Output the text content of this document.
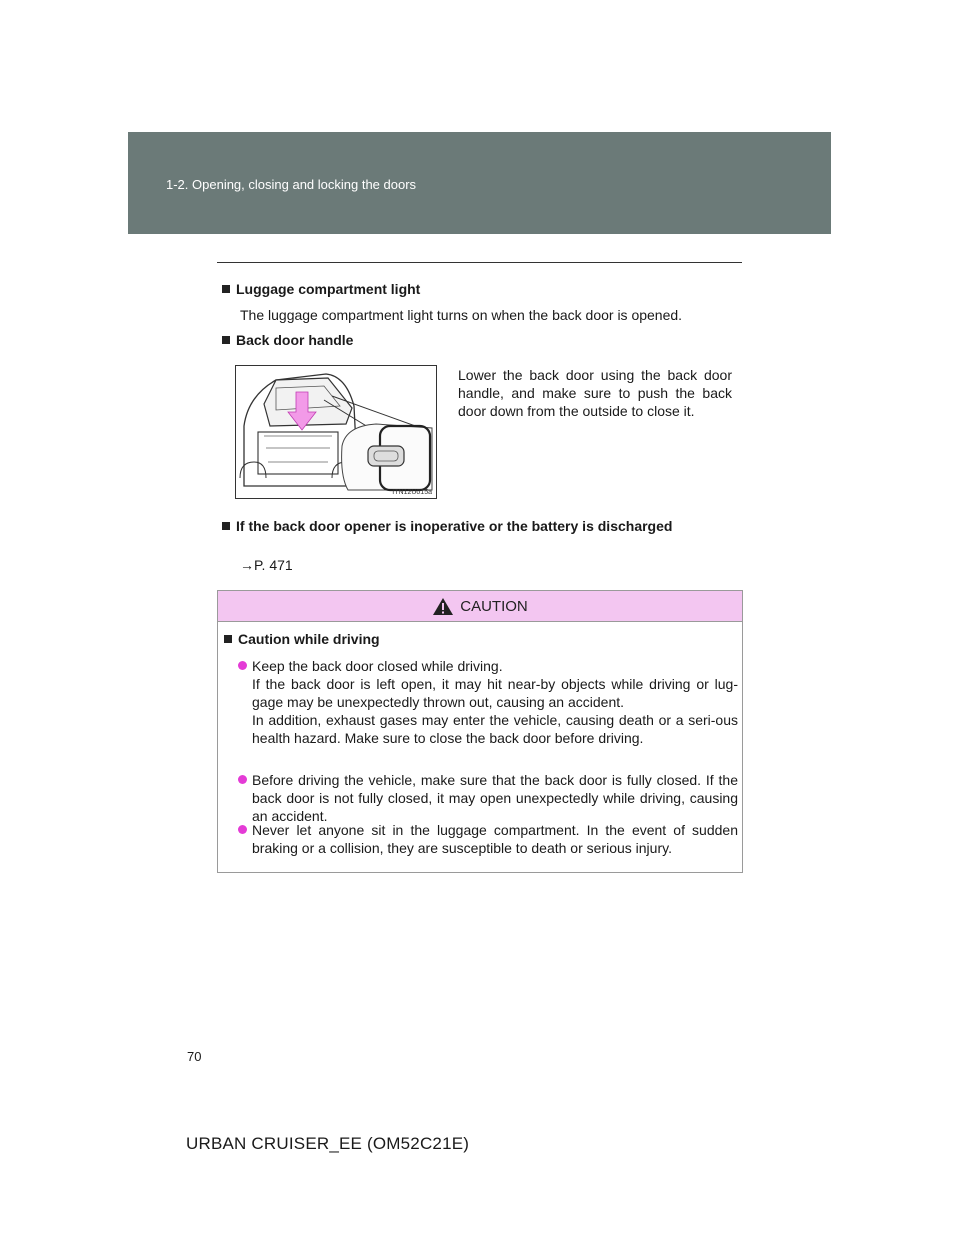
1-2. Opening, closing and locking the doors
Luggage compartment light
The luggage compartment light turns on when the back door is opened.
Back door handle
ITN12U015a
Lower the back door using the back door handle, and make sure to push the back door down from the outside to close it.
If the back door opener is inoperative or the battery is discharged
→P. 471
CAUTION
Caution while driving
Keep the back door closed while driving.
If the back door is left open, it may hit near-by objects while driving or lug-gage may be unexpectedly thrown out, causing an accident.
In addition, exhaust gases may enter the vehicle, causing death or a seri-ous health hazard. Make sure to close the back door before driving.
Before driving the vehicle, make sure that the back door is fully closed. If the back door is not fully closed, it may open unexpectedly while driving, causing an accident.
Never let anyone sit in the luggage compartment. In the event of sudden braking or a collision, they are susceptible to death or serious injury.
70
URBAN CRUISER_EE (OM52C21E)
